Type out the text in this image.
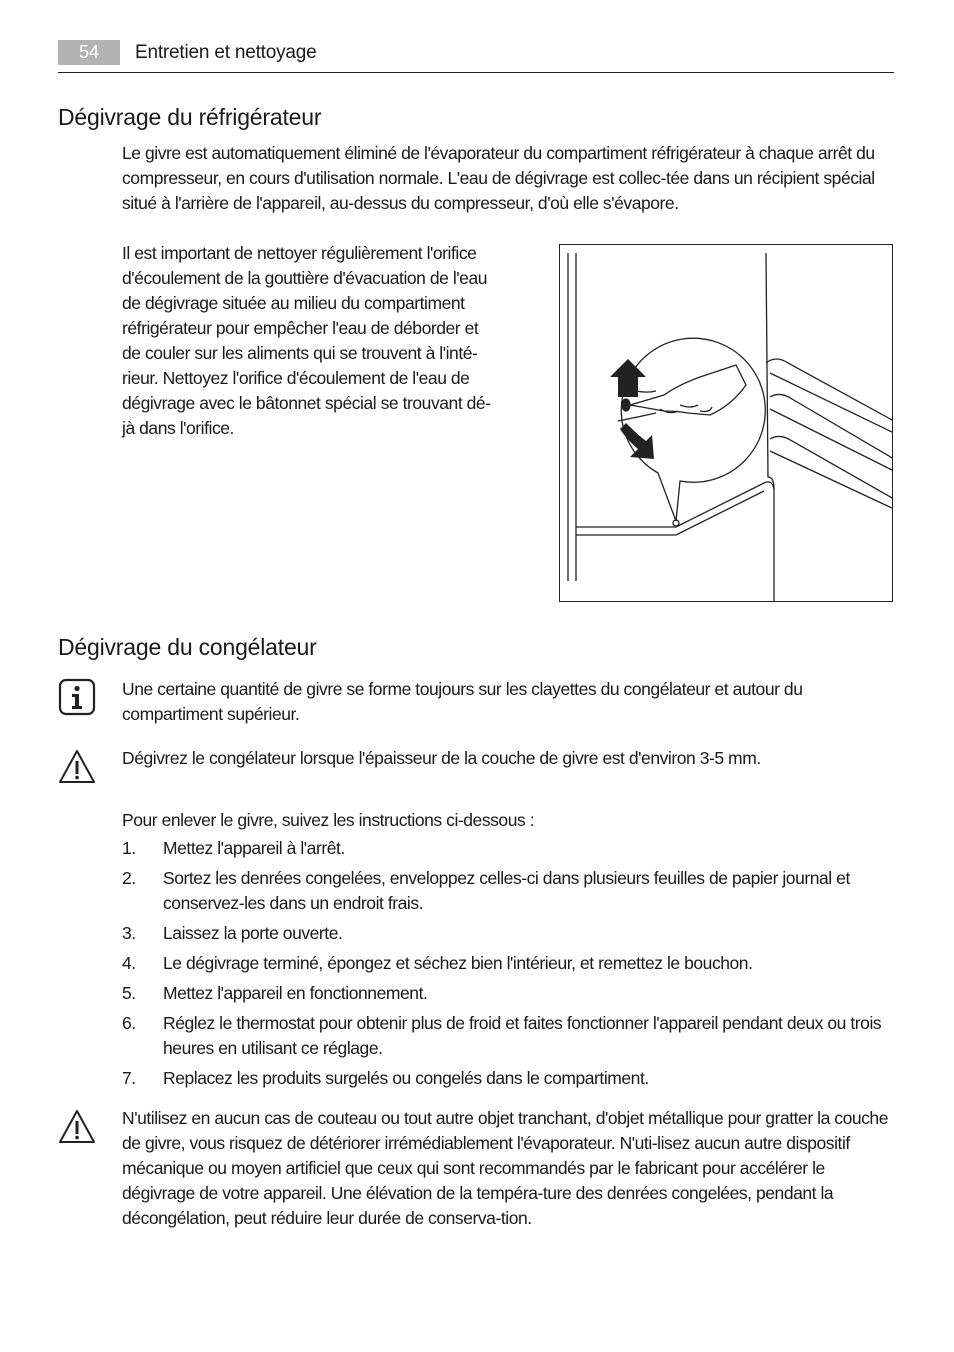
54	Entretien et nettoyage
Dégivrage du réfrigérateur

Le givre est automatiquement éliminé de l'évaporateur du compartiment réfrigérateur à chaque arrêt du compresseur, en cours d'utilisation normale. L'eau de dégivrage est collec-tée dans un récipient spécial situé à l'arrière de l'appareil, au-dessus du compresseur, d'où elle s'évapore.

Il est important de nettoyer régulièrement l'orifice
d'écoulement de la gouttière d'évacuation de l'eau
de dégivrage située au milieu du compartiment
réfrigérateur pour empêcher l'eau de déborder et
de couler sur les aliments qui se trouvent à l'inté-
rieur. Nettoyez l'orifice d'écoulement de l'eau de
dégivrage avec le bâtonnet spécial se trouvant dé-
jà dans l'orifice.
Dégivrage du congélateur

Une certaine quantité de givre se forme toujours sur les clayettes du congélateur et autour du compartiment supérieur.

Dégivrez le congélateur lorsque l'épaisseur de la couche de givre est d'environ 3-5 mm.

Pour enlever le givre, suivez les instructions ci-dessous :

1. Mettez l'appareil à l'arrêt.
2. Sortez les denrées congelées, enveloppez celles-ci dans plusieurs feuilles de papier journal et conservez-les dans un endroit frais.
3. Laissez la porte ouverte.
4. Le dégivrage terminé, épongez et séchez bien l'intérieur, et remettez le bouchon.
5. Mettez l'appareil en fonctionnement.
6. Réglez le thermostat pour obtenir plus de froid et faites fonctionner l'appareil pendant deux ou trois heures en utilisant ce réglage.
7. Replacez les produits surgelés ou congelés dans le compartiment.

N'utilisez en aucun cas de couteau ou tout autre objet tranchant, d'objet métallique pour gratter la couche de givre, vous risquez de détériorer irrémédiablement l'évaporateur. N'uti-lisez aucun autre dispositif mécanique ou moyen artificiel que ceux qui sont recommandés par le fabricant pour accélérer le dégivrage de votre appareil. Une élévation de la tempéra-ture des denrées congelées, pendant la décongélation, peut réduire leur durée de conserva-tion.
